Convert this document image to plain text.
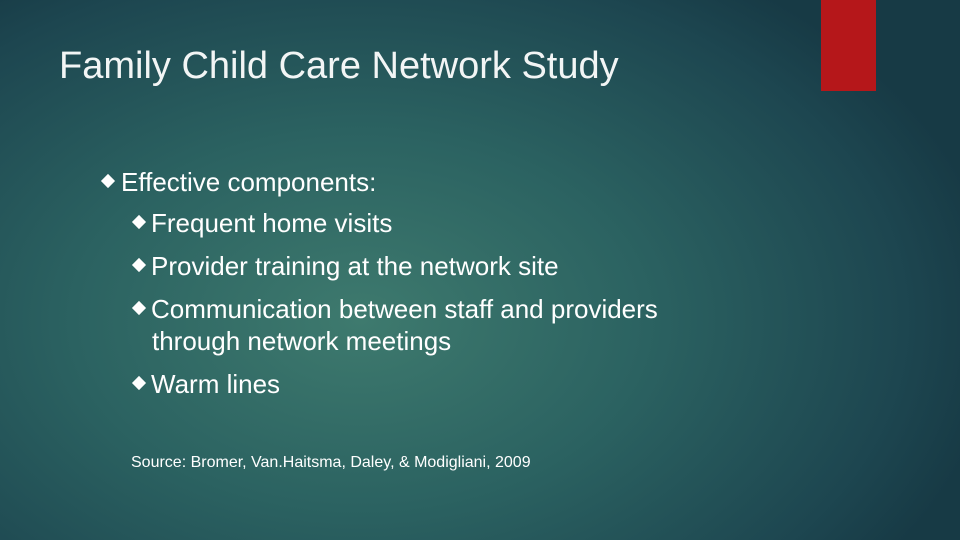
Family Child Care Network Study
Effective components:
Frequent home visits
Provider training at the network site
Communication between staff and providers
through network meetings
Warm lines
Source: Bromer, Van.Haitsma, Daley, & Modigliani, 2009
